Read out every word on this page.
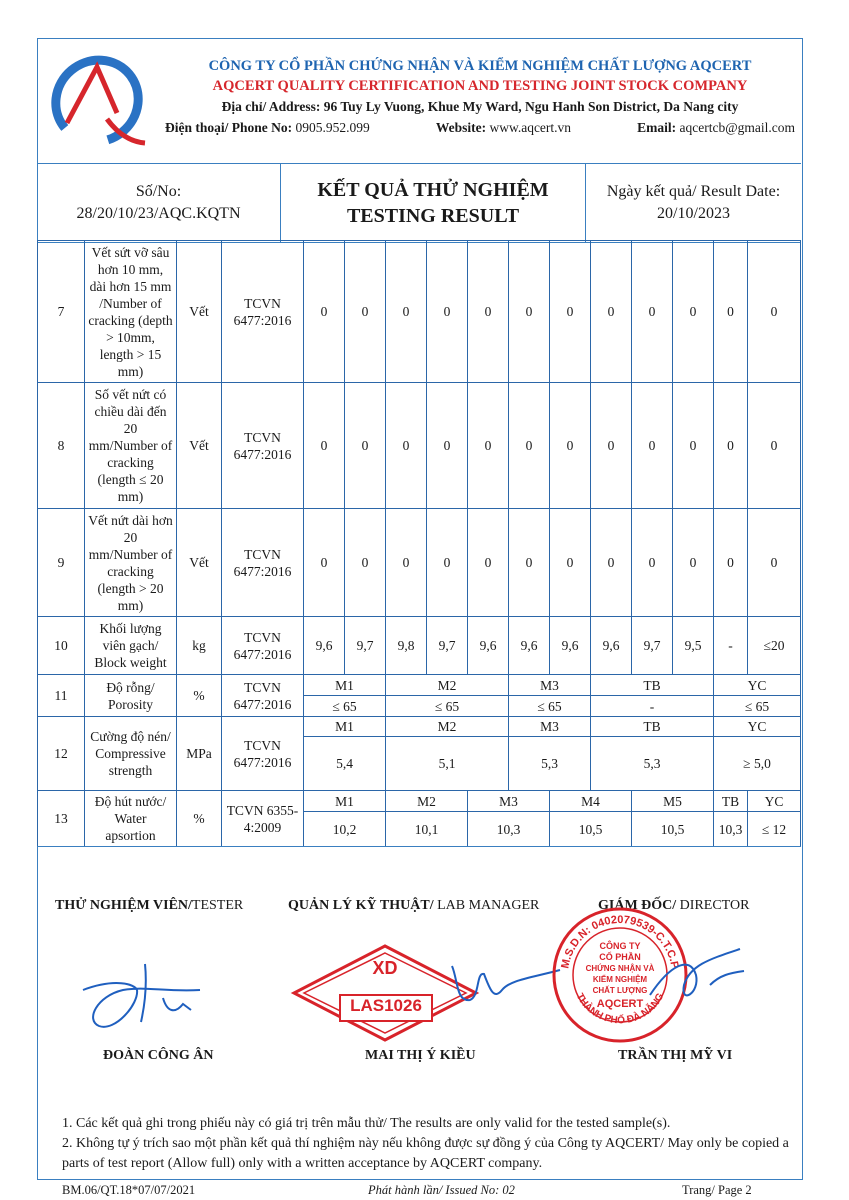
CÔNG TY CỔ PHẦN CHỨNG NHẬN VÀ KIỂM NGHIỆM CHẤT LƯỢNG AQCERT
AQCERT QUALITY CERTIFICATION AND TESTING JOINT STOCK COMPANY
Địa chỉ/ Address: 96 Tuy Ly Vuong, Khue My Ward, Ngu Hanh Son District, Da Nang city
Điện thoại/ Phone No: 0905.952.099	Website: www.aqcert.vn	Email: aqcertcb@gmail.com
Số/No:
28/20/10/23/AQC.KQTN
KẾT QUẢ THỬ NGHIỆM
TESTING RESULT
Ngày kết quả/ Result Date:
20/10/2023
7	Vết sứt vỡ sâu hơn 10 mm, dài hơn 15 mm /Number of cracking (depth > 10mm, length > 15 mm)	Vết	TCVN 6477:2016	0	0	0	0	0	0	0	0	0	0	0	0
8	Số vết nứt có chiều dài đến 20 mm/Number of cracking (length ≤ 20 mm)	Vết	TCVN 6477:2016	0	0	0	0	0	0	0	0	0	0	0	0
9	Vết nứt dài hơn 20 mm/Number of cracking (length > 20 mm)	Vết	TCVN 6477:2016	0	0	0	0	0	0	0	0	0	0	0	0
10	Khối lượng viên gạch/ Block weight	kg	TCVN 6477:2016	9,6	9,7	9,8	9,7	9,6	9,6	9,6	9,6	9,7	9,5	-	≤20
11	Độ rỗng/ Porosity	%	TCVN 6477:2016	M1		M2			M3		TB			YC	
				≤ 65		≤ 65			≤ 65		-			≤ 65	
12	Cường độ nén/ Compressive strength	MPa	TCVN 6477:2016	M1		M2			M3		TB			YC	
				5,4		5,1			5,3		5,3			≥ 5,0	
13	Độ hút nước/ Water apsortion	%	TCVN 6355-4:2009	M1		M2		M3		M4		M5		TB	YC
				10,2		10,1		10,3		10,5		10,5		10,3	≤ 12
THỬ NGHIỆM VIÊN/TESTER	QUẢN LÝ KỸ THUẬT/ LAB MANAGER	GIÁM ĐỐC/ DIRECTOR
XD
LAS1026
M.S.D.N: 0402079539-C.T.C.P
THÀNH PHỐ ĐÀ NẴNG
CÔNG TY
CỔ PHẦN
CHỨNG NHẬN VÀ
KIỂM NGHIỆM
CHẤT LƯỢNG
AQCERT
ĐOÀN CÔNG ÂN	MAI THỊ Ý KIỀU	TRẦN THỊ MỸ VI
1. Các kết quả ghi trong phiếu này có giá trị trên mẫu thử/ The results are only valid for the tested sample(s).
2. Không tự ý trích sao một phần kết quả thí nghiệm này nếu không được sự đồng ý của Công ty AQCERT/ May only be copied a parts of test report (Allow full) only with a written acceptance by AQCERT company.
BM.06/QT.18*07/07/2021	Phát hành lần/ Issued No: 02	Trang/ Page 2
